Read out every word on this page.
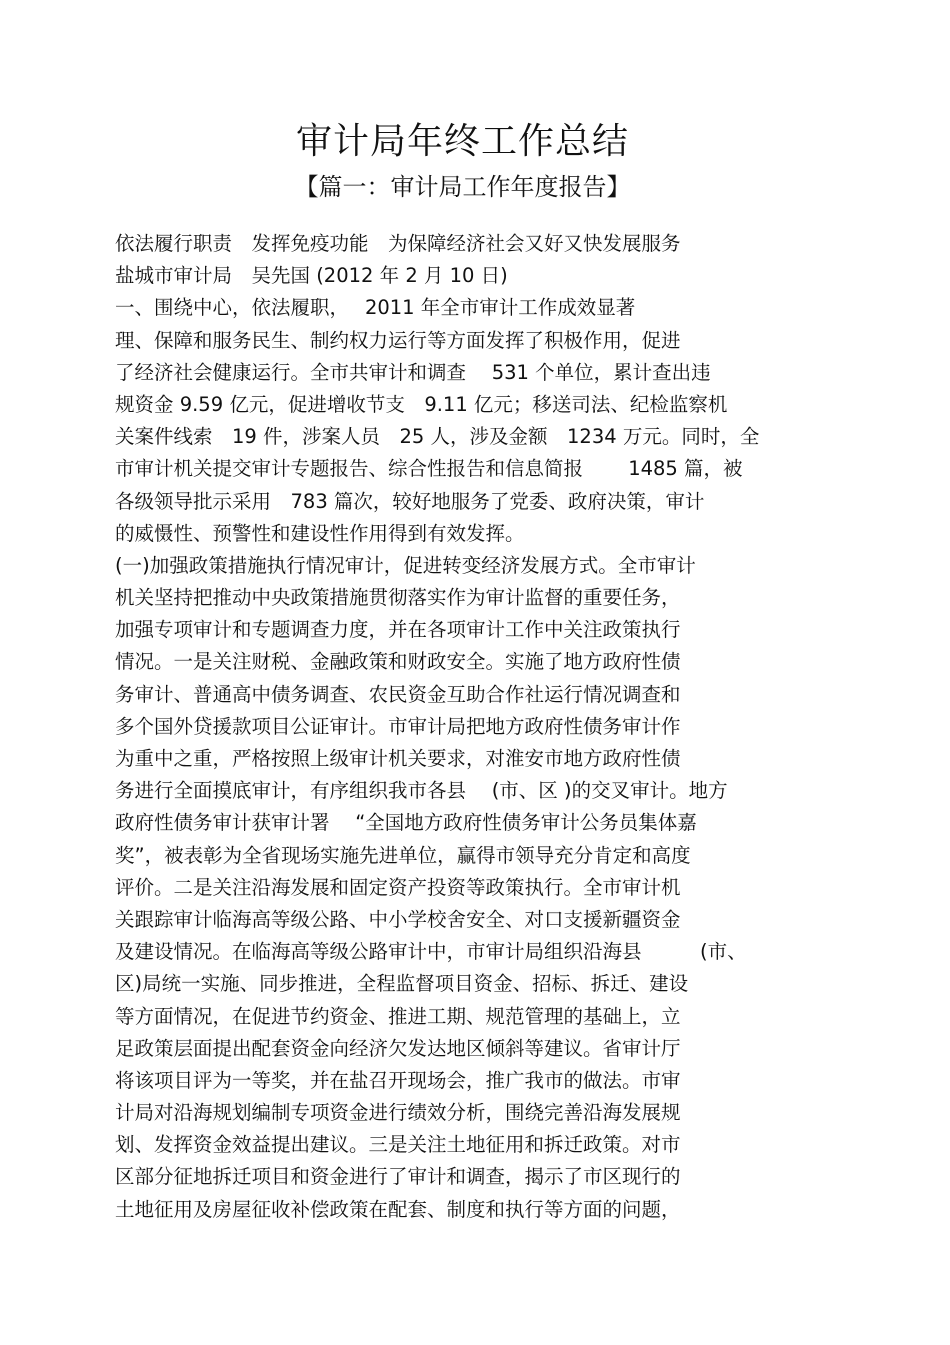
审计局年终工作总结
【篇一：审计局工作年度报告】
依法履行职责　发挥免疫功能　为保障经济社会又好又快发展服务
盐城市审计局　吴先国 (2012 年 2 月 10 日)
一、围绕中心，依法履职，　 2011 年全市审计工作成效显著
理、保障和服务民生、制约权力运行等方面发挥了积极作用，促进
了经济社会健康运行。全市共审计和调查　 531 个单位，累计查出违
规资金 9.59 亿元，促进增收节支　9.11 亿元；移送司法、纪检监察机
关案件线索　19 件，涉案人员　25 人，涉及金额　1234 万元。同时，全
市审计机关提交审计专题报告、综合性报告和信息简报　　 1485 篇，被
各级领导批示采用　783 篇次，较好地服务了党委、政府决策，审计
的威慑性、预警性和建设性作用得到有效发挥。
(一)加强政策措施执行情况审计，促进转变经济发展方式。全市审计
机关坚持把推动中央政策措施贯彻落实作为审计监督的重要任务，
加强专项审计和专题调查力度，并在各项审计工作中关注政策执行
情况。一是关注财税、金融政策和财政安全。实施了地方政府性债
务审计、普通高中债务调查、农民资金互助合作社运行情况调查和
多个国外贷援款项目公证审计。市审计局把地方政府性债务审计作
为重中之重，严格按照上级审计机关要求，对淮安市地方政府性债
务进行全面摸底审计，有序组织我市各县　 (市、区 )的交叉审计。地方
政府性债务审计获审计署　 “全国地方政府性债务审计公务员集体嘉
奖”，被表彰为全省现场实施先进单位，赢得市领导充分肯定和高度
评价。二是关注沿海发展和固定资产投资等政策执行。全市审计机
关跟踪审计临海高等级公路、中小学校舍安全、对口支援新疆资金
及建设情况。在临海高等级公路审计中，市审计局组织沿海县　　　(市、
区)局统一实施、同步推进，全程监督项目资金、招标、拆迁、建设
等方面情况，在促进节约资金、推进工期、规范管理的基础上，立
足政策层面提出配套资金向经济欠发达地区倾斜等建议。省审计厅
将该项目评为一等奖，并在盐召开现场会，推广我市的做法。市审
计局对沿海规划编制专项资金进行绩效分析，围绕完善沿海发展规
划、发挥资金效益提出建议。三是关注土地征用和拆迁政策。对市
区部分征地拆迁项目和资金进行了审计和调查，揭示了市区现行的
土地征用及房屋征收补偿政策在配套、制度和执行等方面的问题，
